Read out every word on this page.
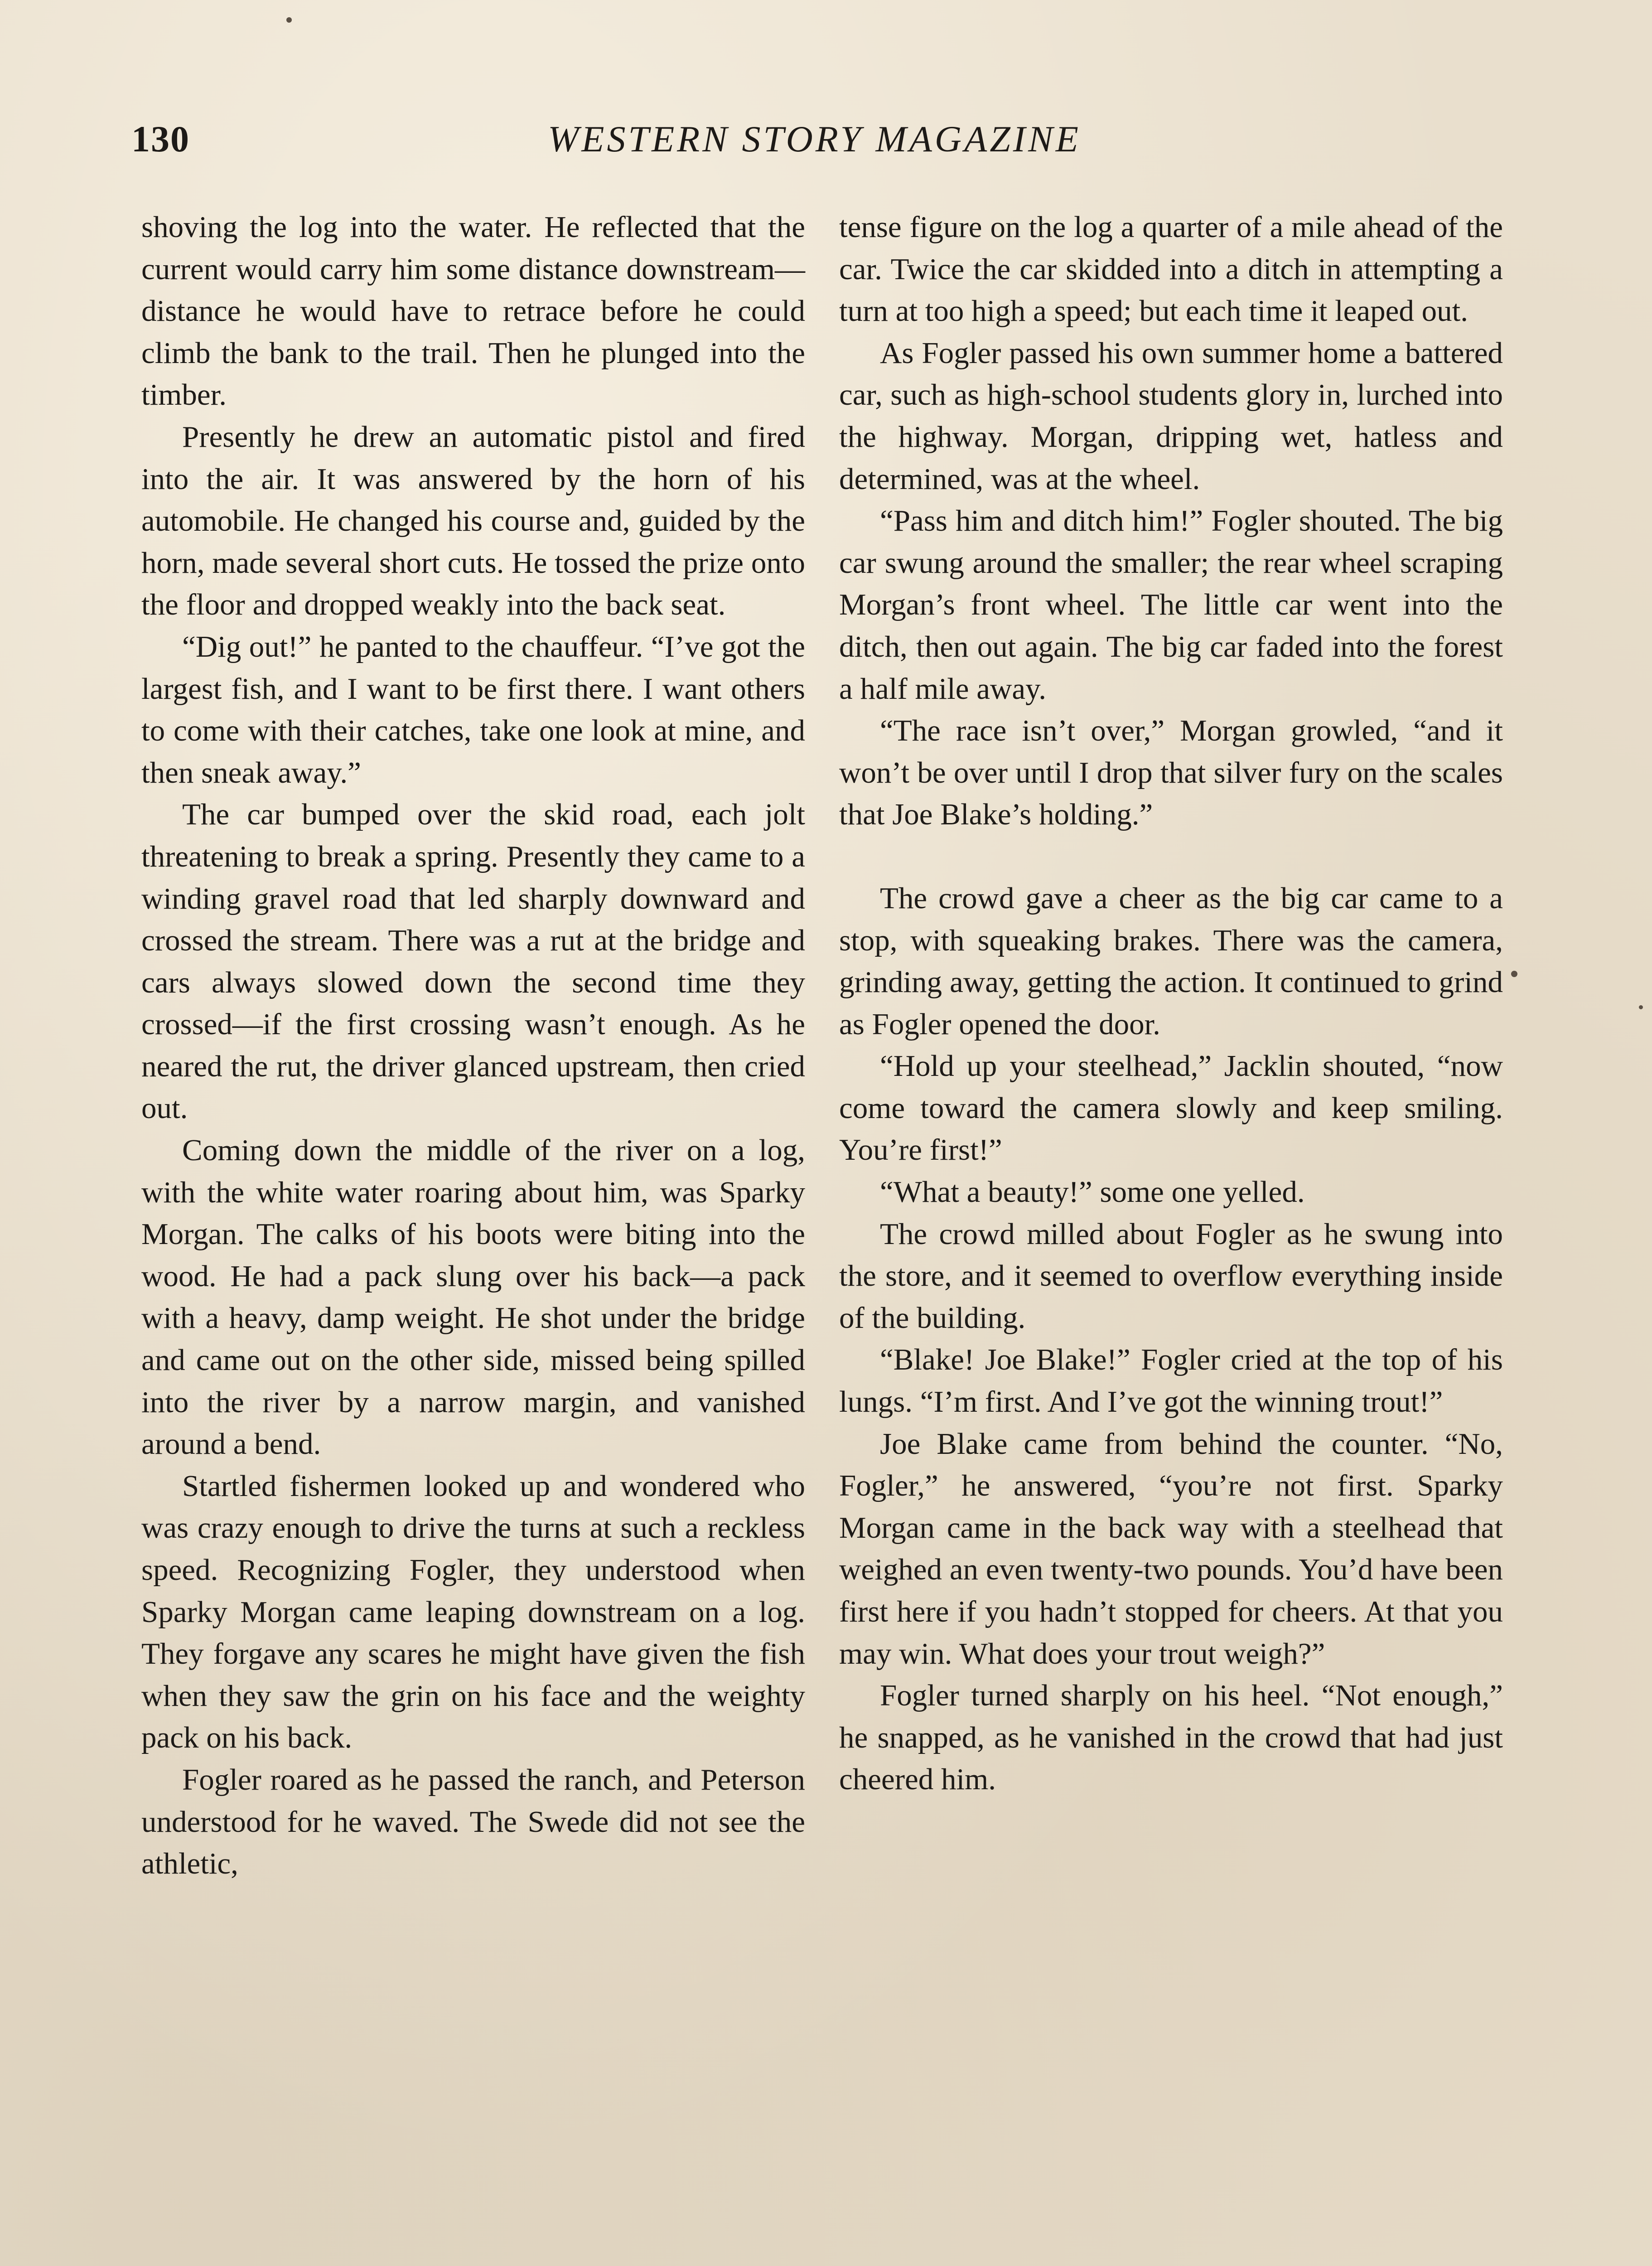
130	WESTERN STORY MAGAZINE

shoving the log into the water. He reflected that the current would carry him some distance downstream—distance he would have to retrace before he could climb the bank to the trail. Then he plunged into the timber.

Presently he drew an automatic pistol and fired into the air. It was answered by the horn of his automobile. He changed his course and, guided by the horn, made several short cuts. He tossed the prize onto the floor and dropped weakly into the back seat.

“Dig out!” he panted to the chauffeur. “I’ve got the largest fish, and I want to be first there. I want others to come with their catches, take one look at mine, and then sneak away.”

The car bumped over the skid road, each jolt threatening to break a spring. Presently they came to a winding gravel road that led sharply downward and crossed the stream. There was a rut at the bridge and cars always slowed down the second time they crossed—if the first crossing wasn’t enough. As he neared the rut, the driver glanced upstream, then cried out.

Coming down the middle of the river on a log, with the white water roaring about him, was Sparky Morgan. The calks of his boots were biting into the wood. He had a pack slung over his back—a pack with a heavy, damp weight. He shot under the bridge and came out on the other side, missed being spilled into the river by a narrow margin, and vanished around a bend.

Startled fishermen looked up and wondered who was crazy enough to drive the turns at such a reckless speed. Recognizing Fogler, they understood when Sparky Morgan came leaping downstream on a log. They forgave any scares he might have given the fish when they saw the grin on his face and the weighty pack on his back.

Fogler roared as he passed the ranch, and Peterson understood for he waved. The Swede did not see the athletic,

tense figure on the log a quarter of a mile ahead of the car. Twice the car skidded into a ditch in attempting a turn at too high a speed; but each time it leaped out.

As Fogler passed his own summer home a battered car, such as high-school students glory in, lurched into the highway. Morgan, dripping wet, hatless and determined, was at the wheel.

“Pass him and ditch him!” Fogler shouted. The big car swung around the smaller; the rear wheel scraping Morgan’s front wheel. The little car went into the ditch, then out again. The big car faded into the forest a half mile away.

“The race isn’t over,” Morgan growled, “and it won’t be over until I drop that silver fury on the scales that Joe Blake’s holding.”

The crowd gave a cheer as the big car came to a stop, with squeaking brakes. There was the camera, grinding away, getting the action. It continued to grind as Fogler opened the door.

“Hold up your steelhead,” Jacklin shouted, “now come toward the camera slowly and keep smiling. You’re first!”

“What a beauty!” some one yelled.

The crowd milled about Fogler as he swung into the store, and it seemed to overflow everything inside of the building.

“Blake! Joe Blake!” Fogler cried at the top of his lungs. “I’m first. And I’ve got the winning trout!”

Joe Blake came from behind the counter. “No, Fogler,” he answered, “you’re not first. Sparky Morgan came in the back way with a steelhead that weighed an even twenty-two pounds. You’d have been first here if you hadn’t stopped for cheers. At that you may win. What does your trout weigh?”

Fogler turned sharply on his heel. “Not enough,” he snapped, as he vanished in the crowd that had just cheered him.
